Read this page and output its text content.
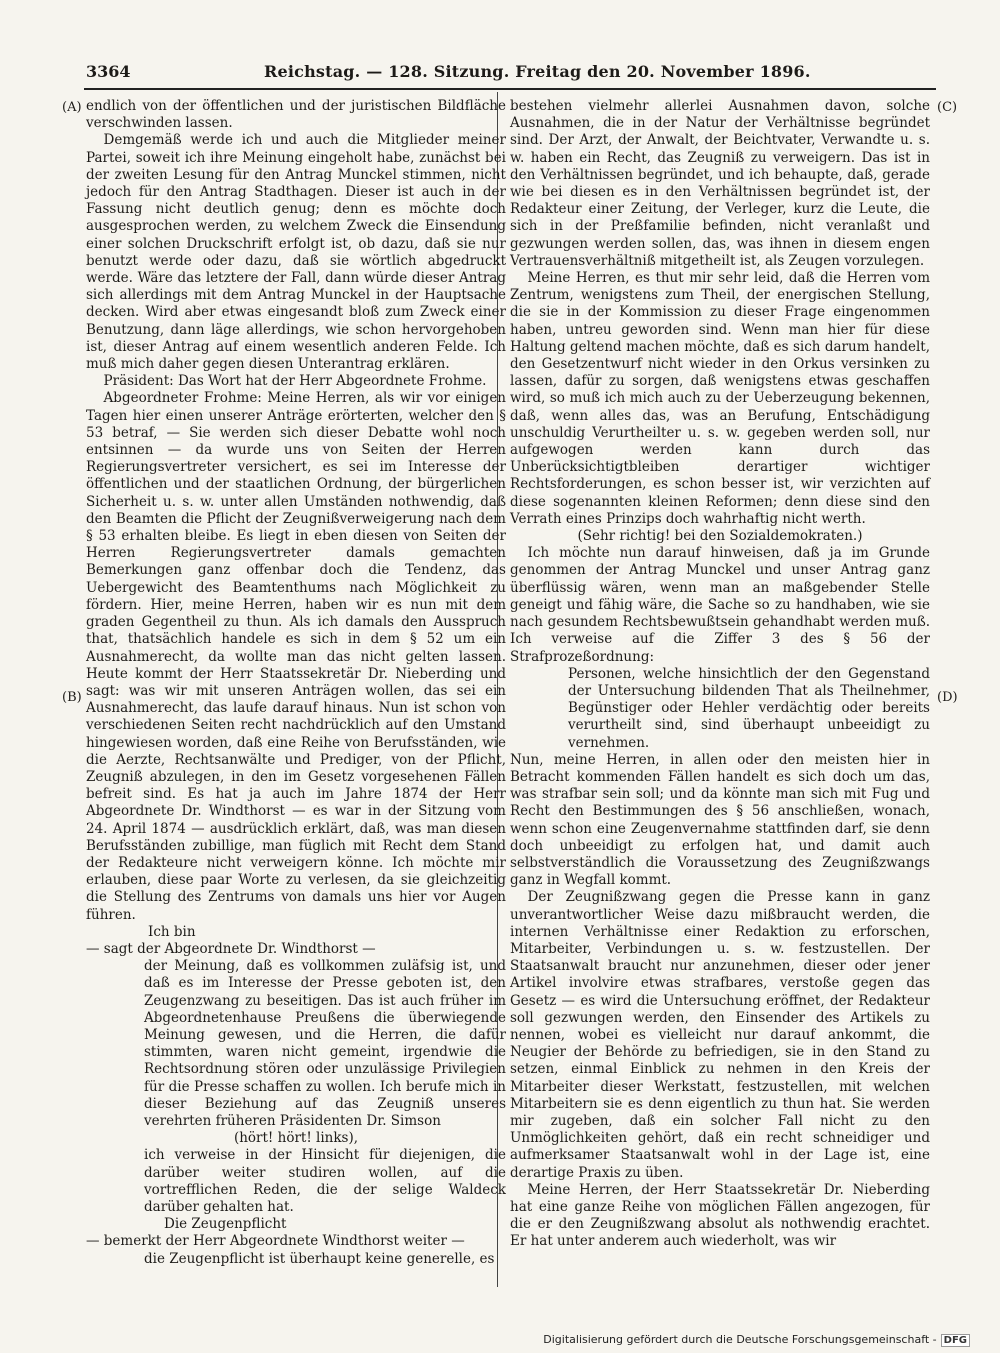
3364	Reichstag. — 128. Sitzung. Freitag den 20. November 1896.
(A)
(B)
(C)
(D)

endlich von der öffentlichen und der juristischen Bildfläche verschwinden lassen.

Demgemäß werde ich und auch die Mitglieder meiner Partei, soweit ich ihre Meinung eingeholt habe, zunächst bei der zweiten Lesung für den Antrag Munckel stimmen, nicht jedoch für den Antrag Stadthagen. Dieser ist auch in der Fassung nicht deutlich genug; denn es möchte doch ausgesprochen werden, zu welchem Zweck die Einsendung einer solchen Druckschrift erfolgt ist, ob dazu, daß sie nur benutzt werde oder dazu, daß sie wörtlich abgedruckt werde. Wäre das letztere der Fall, dann würde dieser Antrag sich allerdings mit dem Antrag Munckel in der Hauptsache decken. Wird aber etwas eingesandt bloß zum Zweck einer Benutzung, dann läge allerdings, wie schon hervorgehoben ist, dieser Antrag auf einem wesentlich anderen Felde. Ich muß mich daher gegen diesen Unterantrag erklären.

Präsident: Das Wort hat der Herr Abgeordnete Frohme.

Abgeordneter Frohme: Meine Herren, als wir vor einigen Tagen hier einen unserer Anträge erörterten, welcher den § 53 betraf, — Sie werden sich dieser Debatte wohl noch entsinnen — da wurde uns von Seiten der Herren Regierungsvertreter versichert, es sei im Interesse der öffentlichen und der staatlichen Ordnung, der bürgerlichen Sicherheit u. s. w. unter allen Umständen nothwendig, daß den Beamten die Pflicht der Zeugnißverweigerung nach dem § 53 erhalten bleibe. Es liegt in eben diesen von Seiten der Herren Regierungsvertreter damals gemachten Bemerkungen ganz offenbar doch die Tendenz, das Uebergewicht des Beamtenthums nach Möglichkeit zu fördern. Hier, meine Herren, haben wir es nun mit dem graden Gegentheil zu thun. Als ich damals den Ausspruch that, thatsächlich handele es sich in dem § 52 um ein Ausnahmerecht, da wollte man das nicht gelten lassen. Heute kommt der Herr Staatssekretär Dr. Nieberding und sagt: was wir mit unseren Anträgen wollen, das sei ein Ausnahmerecht, das laufe darauf hinaus. Nun ist schon von verschiedenen Seiten recht nachdrücklich auf den Umstand hingewiesen worden, daß eine Reihe von Berufsständen, wie die Aerzte, Rechtsanwälte und Prediger, von der Pflicht, Zeugniß abzulegen, in den im Gesetz vorgesehenen Fällen befreit sind. Es hat ja auch im Jahre 1874 der Herr Abgeordnete Dr. Windthorst — es war in der Sitzung vom 24. April 1874 — ausdrücklich erklärt, daß, was man diesen Berufsständen zubillige, man füglich mit Recht dem Stand der Redakteure nicht verweigern könne. Ich möchte mir erlauben, diese paar Worte zu verlesen, da sie gleichzeitig die Stellung des Zentrums von damals uns hier vor Augen führen.

Ich bin

— sagt der Abgeordnete Dr. Windthorst —

der Meinung, daß es vollkommen zuläfsig ist, und daß es im Interesse der Presse geboten ist, den Zeugenzwang zu beseitigen. Das ist auch früher im Abgeordnetenhause Preußens die überwiegende Meinung gewesen, und die Herren, die dafür stimmten, waren nicht gemeint, irgendwie die Rechtsordnung stören oder unzulässige Privilegien für die Presse schaffen zu wollen. Ich berufe mich in dieser Beziehung auf das Zeugniß unseres verehrten früheren Präsidenten Dr. Simson

(hört! hört! links),

ich verweise in der Hinsicht für diejenigen, die darüber weiter studiren wollen, auf die vortrefflichen Reden, die der selige Waldeck darüber gehalten hat.

Die Zeugenpflicht

— bemerkt der Herr Abgeordnete Windthorst weiter —

die Zeugenpflicht ist überhaupt keine generelle, es

bestehen vielmehr allerlei Ausnahmen davon, solche Ausnahmen, die in der Natur der Verhältnisse begründet sind. Der Arzt, der Anwalt, der Beichtvater, Verwandte u. s. w. haben ein Recht, das Zeugniß zu verweigern. Das ist in den Verhältnissen begründet, und ich behaupte, daß, gerade wie bei diesen es in den Verhältnissen begründet ist, der Redakteur einer Zeitung, der Verleger, kurz die Leute, die sich in der Preßfamilie befinden, nicht veranlaßt und gezwungen werden sollen, das, was ihnen in diesem engen Vertrauensverhältniß mitgetheilt ist, als Zeugen vorzulegen.

Meine Herren, es thut mir sehr leid, daß die Herren vom Zentrum, wenigstens zum Theil, der energischen Stellung, die sie in der Kommission zu dieser Frage eingenommen haben, untreu geworden sind. Wenn man hier für diese Haltung geltend machen möchte, daß es sich darum handelt, den Gesetzentwurf nicht wieder in den Orkus versinken zu lassen, dafür zu sorgen, daß wenigstens etwas geschaffen wird, so muß ich mich auch zu der Ueberzeugung bekennen, daß, wenn alles das, was an Berufung, Entschädigung unschuldig Verurtheilter u. s. w. gegeben werden soll, nur aufgewogen werden kann durch das Unberücksichtigtbleiben derartiger wichtiger Rechtsforderungen, es schon besser ist, wir verzichten auf diese sogenannten kleinen Reformen; denn diese sind den Verrath eines Prinzips doch wahrhaftig nicht werth.

(Sehr richtig! bei den Sozialdemokraten.)

Ich möchte nun darauf hinweisen, daß ja im Grunde genommen der Antrag Munckel und unser Antrag ganz überflüssig wären, wenn man an maßgebender Stelle geneigt und fähig wäre, die Sache so zu handhaben, wie sie nach gesundem Rechtsbewußtsein gehandhabt werden muß. Ich verweise auf die Ziffer 3 des § 56 der Strafprozeßordnung:

Personen, welche hinsichtlich der den Gegenstand der Untersuchung bildenden That als Theilnehmer, Begünstiger oder Hehler verdächtig oder bereits verurtheilt sind, sind überhaupt unbeeidigt zu vernehmen.

Nun, meine Herren, in allen oder den meisten hier in Betracht kommenden Fällen handelt es sich doch um das, was strafbar sein soll; und da könnte man sich mit Fug und Recht den Bestimmungen des § 56 anschließen, wonach, wenn schon eine Zeugenvernahme stattfinden darf, sie denn doch unbeeidigt zu erfolgen hat, und damit auch selbstverständlich die Voraussetzung des Zeugnißzwangs ganz in Wegfall kommt.

Der Zeugnißzwang gegen die Presse kann in ganz unverantwortlicher Weise dazu mißbraucht werden, die internen Verhältnisse einer Redaktion zu erforschen, Mitarbeiter, Verbindungen u. s. w. festzustellen. Der Staatsanwalt braucht nur anzunehmen, dieser oder jener Artikel involvire etwas strafbares, verstoße gegen das Gesetz — es wird die Untersuchung eröffnet, der Redakteur soll gezwungen werden, den Einsender des Artikels zu nennen, wobei es vielleicht nur darauf ankommt, die Neugier der Behörde zu befriedigen, sie in den Stand zu setzen, einmal Einblick zu nehmen in den Kreis der Mitarbeiter dieser Werkstatt, festzustellen, mit welchen Mitarbeitern sie es denn eigentlich zu thun hat. Sie werden mir zugeben, daß ein solcher Fall nicht zu den Unmöglichkeiten gehört, daß ein recht schneidiger und aufmerksamer Staatsanwalt wohl in der Lage ist, eine derartige Praxis zu üben.

Meine Herren, der Herr Staatssekretär Dr. Nieberding hat eine ganze Reihe von möglichen Fällen angezogen, für die er den Zeugnißzwang absolut als nothwendig erachtet. Er hat unter anderem auch wiederholt, was wir

Digitalisierung gefördert durch die Deutsche Forschungsgemeinschaft - DFG
